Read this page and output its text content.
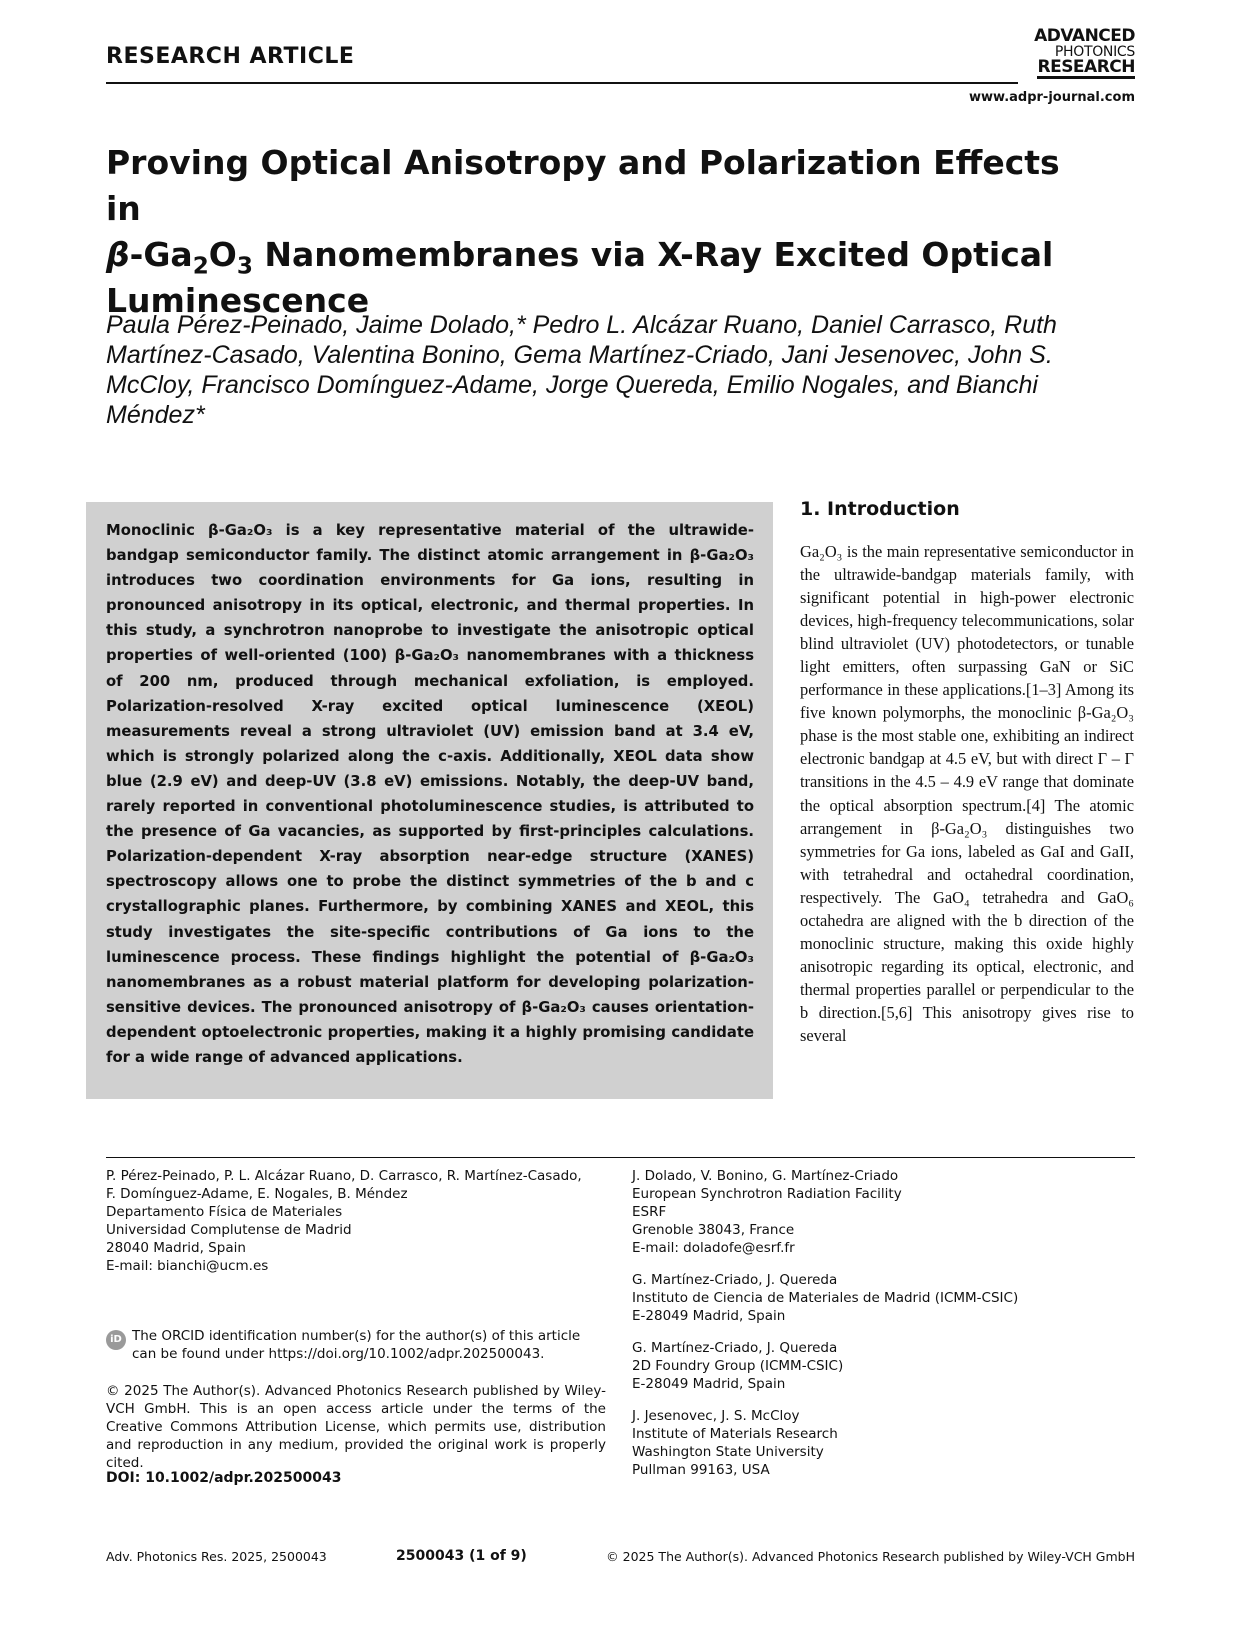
RESEARCH ARTICLE
ADVANCED
PHOTONICS
RESEARCH
www.adpr-journal.com
Proving Optical Anisotropy and Polarization Effects in
$\beta-Ga_2O_3$ Nanomembranes via X-Ray Excited Optical
Luminescence
Paula Pérez-Peinado, Jaime Dolado,* Pedro L. Alcázar Ruano, Daniel Carrasco, Ruth Martínez-Casado, Valentina Bonino, Gema Martínez-Criado, Jani Jesenovec, John S. McCloy, Francisco Domínguez-Adame, Jorge Quereda, Emilio Nogales, and Bianchi Méndez*
Monoclinic β-Ga₂O₃ is a key representative material of the ultrawide-bandgap semiconductor family. The distinct atomic arrangement in β-Ga₂O₃ introduces two coordination environments for Ga ions, resulting in pronounced anisotropy in its optical, electronic, and thermal properties. In this study, a synchrotron nanoprobe to investigate the anisotropic optical properties of well-oriented (100) β-Ga₂O₃ nanomembranes with a thickness of 200 nm, produced through mechanical exfoliation, is employed. Polarization-resolved X-ray excited optical luminescence (XEOL) measurements reveal a strong ultraviolet (UV) emission band at 3.4 eV, which is strongly polarized along the c-axis. Additionally, XEOL data show blue (2.9 eV) and deep-UV (3.8 eV) emissions. Notably, the deep-UV band, rarely reported in conventional photoluminescence studies, is attributed to the presence of Ga vacancies, as supported by first-principles calculations. Polarization-dependent X-ray absorption near-edge structure (XANES) spectroscopy allows one to probe the distinct symmetries of the b and c crystallographic planes. Furthermore, by combining XANES and XEOL, this study investigates the site-specific contributions of Ga ions to the luminescence process. These findings highlight the potential of β-Ga₂O₃ nanomembranes as a robust material platform for developing polarization-sensitive devices. The pronounced anisotropy of β-Ga₂O₃ causes orientation-dependent optoelectronic properties, making it a highly promising candidate for a wide range of advanced applications.
1. Introduction
Ga₂O₃ is the main representative semiconductor in the ultrawide-bandgap materials family, with significant potential in high-power electronic devices, high-frequency telecommunications, solar blind ultraviolet (UV) photodetectors, or tunable light emitters, often surpassing GaN or SiC performance in these applications.[1–3] Among its five known polymorphs, the monoclinic β-Ga₂O₃ phase is the most stable one, exhibiting an indirect electronic bandgap at 4.5 eV, but with direct Γ – Γ transitions in the 4.5 – 4.9 eV range that dominate the optical absorption spectrum.[4] The atomic arrangement in β-Ga₂O₃ distinguishes two symmetries for Ga ions, labeled as GaI and GaII, with tetrahedral and octahedral coordination, respectively. The GaO₄ tetrahedra and GaO₆ octahedra are aligned with the b direction of the monoclinic structure, making this oxide highly anisotropic regarding its optical, electronic, and thermal properties parallel or perpendicular to the b direction.[5,6] This anisotropy gives rise to several
P. Pérez-Peinado, P. L. Alcázar Ruano, D. Carrasco, R. Martínez-Casado,
F. Domínguez-Adame, E. Nogales, B. Méndez
Departamento Física de Materiales
Universidad Complutense de Madrid
28040 Madrid, Spain
E-mail: bianchi@ucm.es
J. Dolado, V. Bonino, G. Martínez-Criado
European Synchrotron Radiation Facility
ESRF
Grenoble 38043, France
E-mail: doladofe@esrf.fr
G. Martínez-Criado, J. Quereda
Instituto de Ciencia de Materiales de Madrid (ICMM-CSIC)
E-28049 Madrid, Spain
G. Martínez-Criado, J. Quereda
2D Foundry Group (ICMM-CSIC)
E-28049 Madrid, Spain
J. Jesenovec, J. S. McCloy
Institute of Materials Research
Washington State University
Pullman 99163, USA
iD The ORCID identification number(s) for the author(s) of this article can be found under https://doi.org/10.1002/adpr.202500043.
© 2025 The Author(s). Advanced Photonics Research published by Wiley-VCH GmbH. This is an open access article under the terms of the Creative Commons Attribution License, which permits use, distribution and reproduction in any medium, provided the original work is properly cited.
DOI: 10.1002/adpr.202500043
Adv. Photonics Res. 2025, 2500043	2500043 (1 of 9)	© 2025 The Author(s). Advanced Photonics Research published by Wiley-VCH GmbH
